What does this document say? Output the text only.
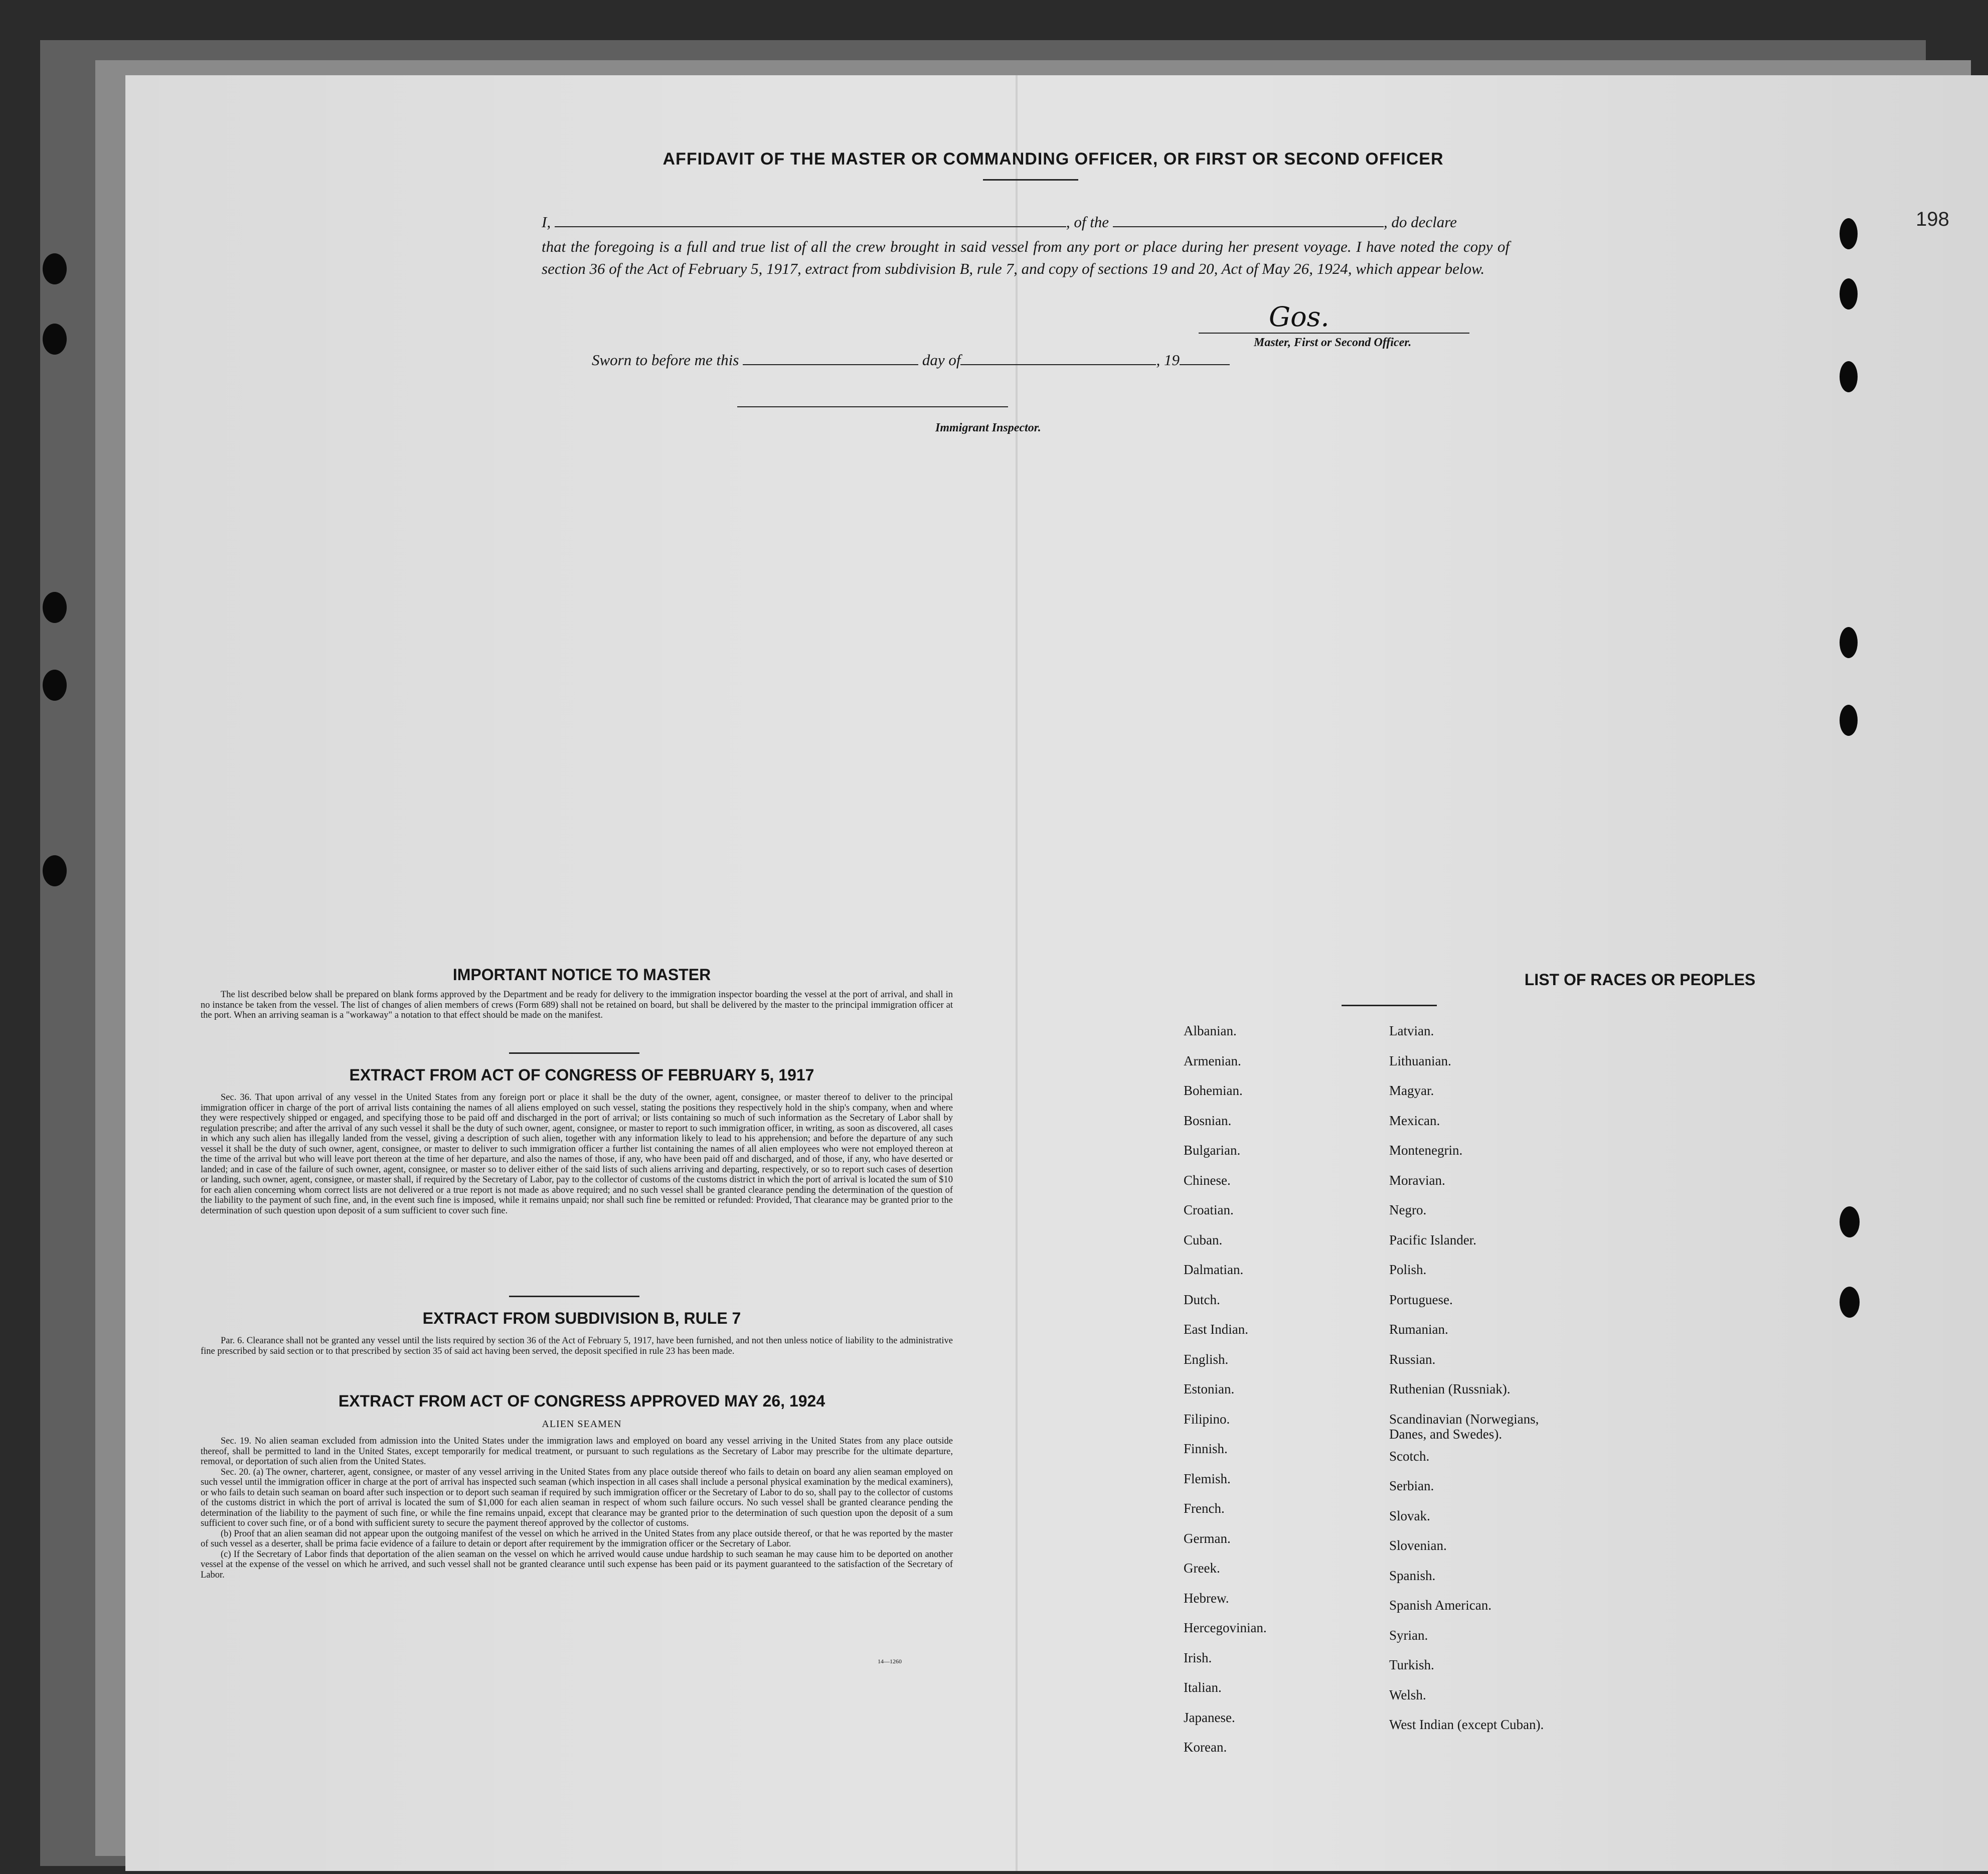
198
AFFIDAVIT OF THE MASTER OR COMMANDING OFFICER, OR FIRST OR SECOND OFFICER
I,	, of the	, do declare
that the foregoing is a full and true list of all the crew brought in said vessel from any port or place during her present voyage. I have noted the copy of section 36 of the Act of February 5, 1917, extract from subdivision B, rule 7, and copy of sections 19 and 20, Act of May 26, 1924, which appear below.
Gos.
Master, First or Second Officer.
Sworn to before me this	day of	, 19
Immigrant Inspector.
IMPORTANT NOTICE TO MASTER

The list described below shall be prepared on blank forms approved by the Department and be ready for delivery to the immigration inspector boarding the vessel at the port of arrival, and shall in no instance be taken from the vessel. The list of changes of alien members of crews (Form 689) shall not be retained on board, but shall be delivered by the master to the principal immigration officer at the port. When an arriving seaman is a "workaway" a notation to that effect should be made on the manifest.

EXTRACT FROM ACT OF CONGRESS OF FEBRUARY 5, 1917

Sec. 36. That upon arrival of any vessel in the United States from any foreign port or place it shall be the duty of the owner, agent, consignee, or master thereof to deliver to the principal immigration officer in charge of the port of arrival lists containing the names of all aliens employed on such vessel, stating the positions they respectively hold in the ship's company, when and where they were respectively shipped or engaged, and specifying those to be paid off and discharged in the port of arrival; or lists containing so much of such information as the Secretary of Labor shall by regulation prescribe; and after the arrival of any such vessel it shall be the duty of such owner, agent, consignee, or master to report to such immigration officer, in writing, as soon as discovered, all cases in which any such alien has illegally landed from the vessel, giving a description of such alien, together with any information likely to lead to his apprehension; and before the departure of any such vessel it shall be the duty of such owner, agent, consignee, or master to deliver to such immigration officer a further list containing the names of all alien employees who were not employed thereon at the time of the arrival but who will leave port thereon at the time of her departure, and also the names of those, if any, who have been paid off and discharged, and of those, if any, who have deserted or landed; and in case of the failure of such owner, agent, consignee, or master so to deliver either of the said lists of such aliens arriving and departing, respectively, or so to report such cases of desertion or landing, such owner, agent, consignee, or master shall, if required by the Secretary of Labor, pay to the collector of customs of the customs district in which the port of arrival is located the sum of $10 for each alien concerning whom correct lists are not delivered or a true report is not made as above required; and no such vessel shall be granted clearance pending the determination of the question of the liability to the payment of such fine, and, in the event such fine is imposed, while it remains unpaid; nor shall such fine be remitted or refunded: Provided, That clearance may be granted prior to the determination of such question upon deposit of a sum sufficient to cover such fine.

EXTRACT FROM SUBDIVISION B, RULE 7

Par. 6. Clearance shall not be granted any vessel until the lists required by section 36 of the Act of February 5, 1917, have been furnished, and not then unless notice of liability to the administrative fine prescribed by said section or to that prescribed by section 35 of said act having been served, the deposit specified in rule 23 has been made.

EXTRACT FROM ACT OF CONGRESS APPROVED MAY 26, 1924
ALIEN SEAMEN

Sec. 19. No alien seaman excluded from admission into the United States under the immigration laws and employed on board any vessel arriving in the United States from any place outside thereof, shall be permitted to land in the United States, except temporarily for medical treatment, or pursuant to such regulations as the Secretary of Labor may prescribe for the ultimate departure, removal, or deportation of such alien from the United States.

Sec. 20. (a) The owner, charterer, agent, consignee, or master of any vessel arriving in the United States from any place outside thereof who fails to detain on board any alien seaman employed on such vessel until the immigration officer in charge at the port of arrival has inspected such seaman (which inspection in all cases shall include a personal physical examination by the medical examiners), or who fails to detain such seaman on board after such inspection or to deport such seaman if required by such immigration officer or the Secretary of Labor to do so, shall pay to the collector of customs of the customs district in which the port of arrival is located the sum of $1,000 for each alien seaman in respect of whom such failure occurs. No such vessel shall be granted clearance pending the determination of the liability to the payment of such fine, or while the fine remains unpaid, except that clearance may be granted prior to the determination of such question upon the deposit of a sum sufficient to cover such fine, or of a bond with sufficient surety to secure the payment thereof approved by the collector of customs.

(b) Proof that an alien seaman did not appear upon the outgoing manifest of the vessel on which he arrived in the United States from any place outside thereof, or that he was reported by the master of such vessel as a deserter, shall be prima facie evidence of a failure to detain or deport after requirement by the immigration officer or the Secretary of Labor.

(c) If the Secretary of Labor finds that deportation of the alien seaman on the vessel on which he arrived would cause undue hardship to such seaman he may cause him to be deported on another vessel at the expense of the vessel on which he arrived, and such vessel shall not be granted clearance until such expense has been paid or its payment guaranteed to the satisfaction of the Secretary of Labor.

14—1260
LIST OF RACES OR PEOPLES
Albanian.
Armenian.
Bohemian.
Bosnian.
Bulgarian.
Chinese.
Croatian.
Cuban.
Dalmatian.
Dutch.
East Indian.
English.
Estonian.
Filipino.
Finnish.
Flemish.
French.
German.
Greek.
Hebrew.
Hercegovinian.
Irish.
Italian.
Japanese.
Korean.
Latvian.
Lithuanian.
Magyar.
Mexican.
Montenegrin.
Moravian.
Negro.
Pacific Islander.
Polish.
Portuguese.
Rumanian.
Russian.
Ruthenian (Russniak).
Scandinavian (Norwegians,
Danes, and Swedes).
Scotch.
Serbian.
Slovak.
Slovenian.
Spanish.
Spanish American.
Syrian.
Turkish.
Welsh.
West Indian (except Cuban).
